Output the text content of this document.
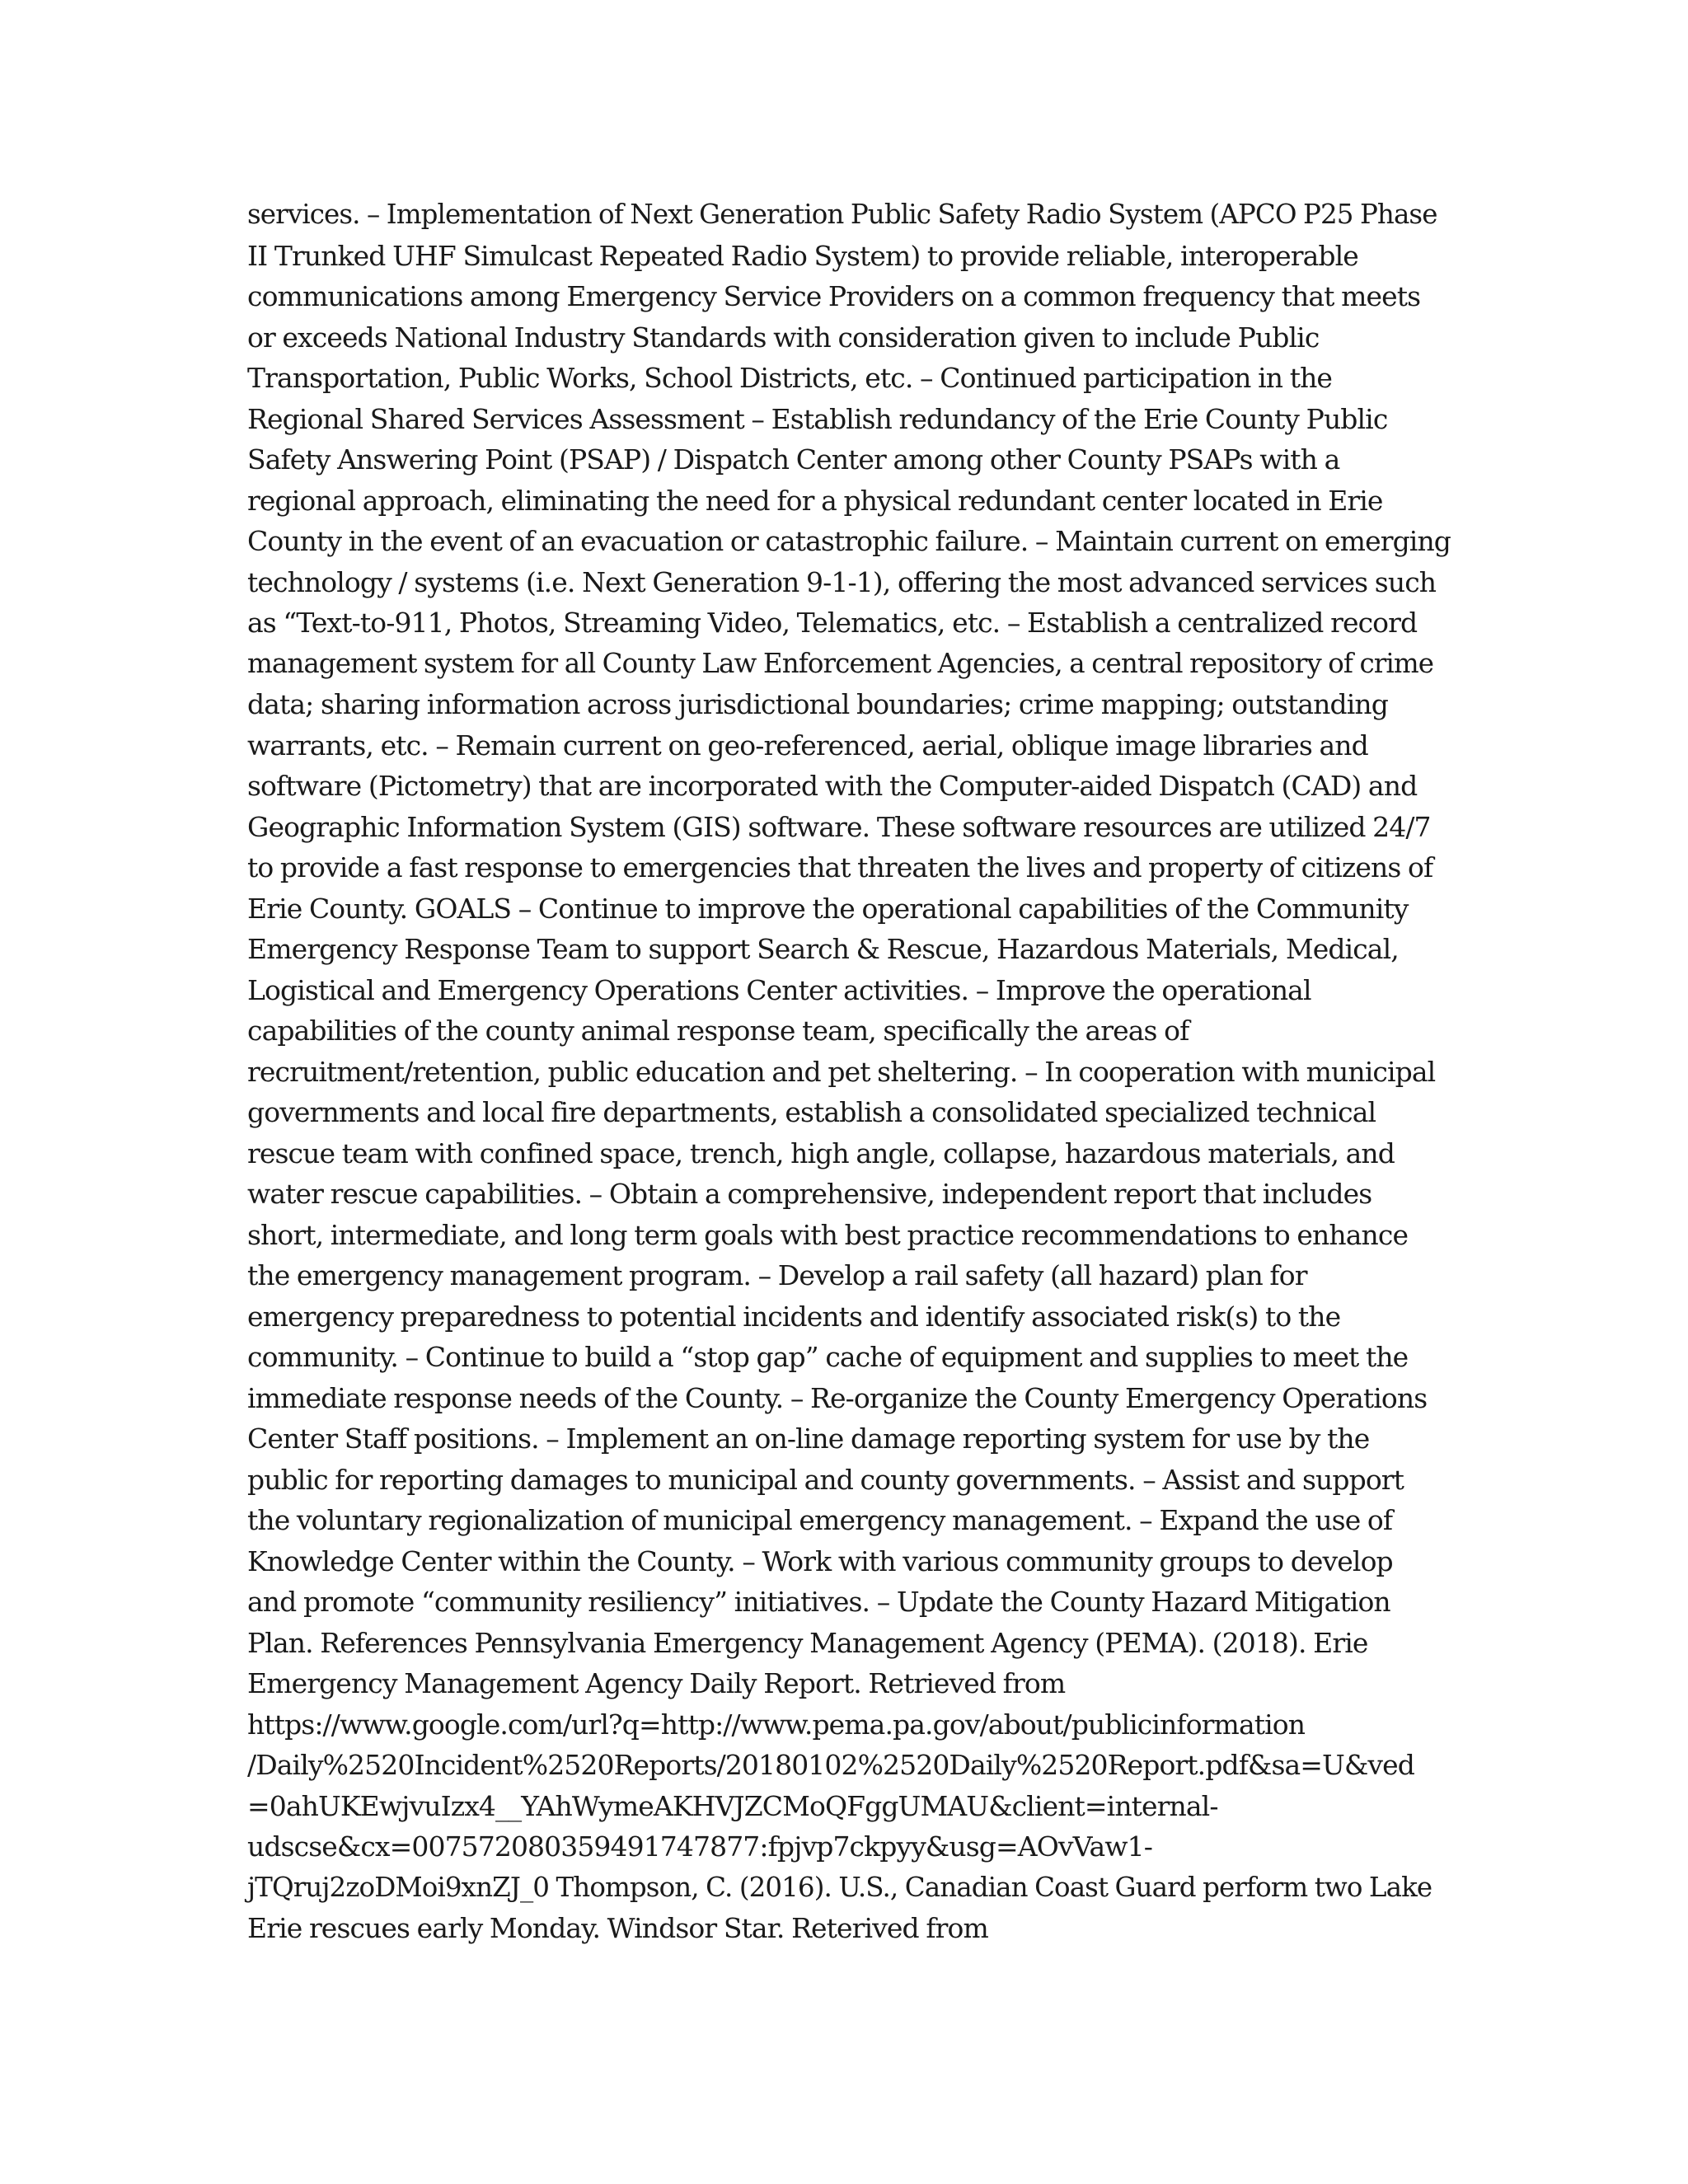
services. – Implementation of Next Generation Public Safety Radio System (APCO P25 Phase
II Trunked UHF Simulcast Repeated Radio System) to provide reliable, interoperable
communications among Emergency Service Providers on a common frequency that meets
or exceeds National Industry Standards with consideration given to include Public
Transportation, Public Works, School Districts, etc. – Continued participation in the
Regional Shared Services Assessment – Establish redundancy of the Erie County Public
Safety Answering Point (PSAP) / Dispatch Center among other County PSAPs with a
regional approach, eliminating the need for a physical redundant center located in Erie
County in the event of an evacuation or catastrophic failure. – Maintain current on emerging
technology / systems (i.e. Next Generation 9-1-1), offering the most advanced services such
as “Text-to-911, Photos, Streaming Video, Telematics, etc. – Establish a centralized record
management system for all County Law Enforcement Agencies, a central repository of crime
data; sharing information across jurisdictional boundaries; crime mapping; outstanding
warrants, etc. – Remain current on geo-referenced, aerial, oblique image libraries and
software (Pictometry) that are incorporated with the Computer-aided Dispatch (CAD) and
Geographic Information System (GIS) software. These software resources are utilized 24/7
to provide a fast response to emergencies that threaten the lives and property of citizens of
Erie County. GOALS – Continue to improve the operational capabilities of the Community
Emergency Response Team to support Search & Rescue, Hazardous Materials, Medical,
Logistical and Emergency Operations Center activities. – Improve the operational
capabilities of the county animal response team, specifically the areas of
recruitment/retention, public education and pet sheltering. – In cooperation with municipal
governments and local fire departments, establish a consolidated specialized technical
rescue team with confined space, trench, high angle, collapse, hazardous materials, and
water rescue capabilities. – Obtain a comprehensive, independent report that includes
short, intermediate, and long term goals with best practice recommendations to enhance
the emergency management program. – Develop a rail safety (all hazard) plan for
emergency preparedness to potential incidents and identify associated risk(s) to the
community. – Continue to build a “stop gap” cache of equipment and supplies to meet the
immediate response needs of the County. – Re-organize the County Emergency Operations
Center Staff positions. – Implement an on-line damage reporting system for use by the
public for reporting damages to municipal and county governments. – Assist and support
the voluntary regionalization of municipal emergency management. – Expand the use of
Knowledge Center within the County. – Work with various community groups to develop
and promote “community resiliency” initiatives. – Update the County Hazard Mitigation
Plan. References Pennsylvania Emergency Management Agency (PEMA). (2018). Erie
Emergency Management Agency Daily Report. Retrieved from
https://www.google.com/url?q=http://www.pema.pa.gov/about/publicinformation
/Daily%2520Incident%2520Reports/20180102%2520Daily%2520Report.pdf&sa=U&ved
=0ahUKEwjvuIzx4__YAhWymeAKHVJZCMoQFggUMAU&client=internal-
udscse&cx=007572080359491747877:fpjvp7ckpyy&usg=AOvVaw1-
jTQruj2zoDMoi9xnZJ_0 Thompson, C. (2016). U.S., Canadian Coast Guard perform two Lake
Erie rescues early Monday. Windsor Star. Reterived from
